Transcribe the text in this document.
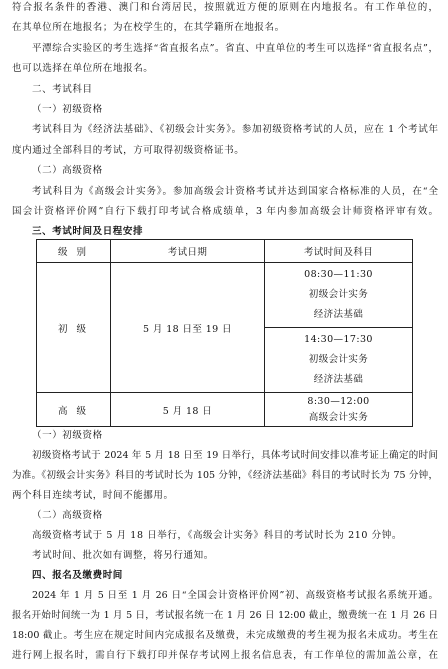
符合报名条件的香港、澳门和台湾居民，按照就近方便的原则在内地报名。有工作单位的，
在其单位所在地报名；为在校学生的，在其学籍所在地报名。
平潭综合实验区的考生选择“省直报名点”。省直、中直单位的考生可以选择“省直报名点”，
也可以选择在单位所在地报名。
二、考试科目
（一）初级资格
考试科目为《经济法基础》、《初级会计实务》。参加初级资格考试的人员，应在 1 个考试年
度内通过全部科目的考试，方可取得初级资格证书。
（二）高级资格
考试科目为《高级会计实务》。参加高级会计资格考试并达到国家合格标准的人员，在“全
国会计资格评价网”自行下载打印考试合格成绩单，3 年内参加高级会计师资格评审有效。
三、考试时间及日程安排
级 别	考试日期	考试时间及科目
初 级	5 月 18 日至 19 日	08:30—11:30
初级会计实务
经济法基础

		14:30—17:30
初级会计实务
经济法基础

高 级	5 月 18 日	8:30—12:00
高级会计实务
（一）初级资格
初级资格考试于 2024 年 5 月 18 日至 19 日举行，具体考试时间安排以准考证上确定的时间
为准。《初级会计实务》科目的考试时长为 105 分钟，《经济法基础》科目的考试时长为 75 分钟，
两个科目连续考试，时间不能挪用。
（二）高级资格
高级资格考试于 5 月 18 日举行，《高级会计实务》科目的考试时长为 210 分钟。
考试时间、批次如有调整，将另行通知。
四、报名及缴费时间
2024 年 1 月 5 日至 1 月 26 日“全国会计资格评价网”初、高级资格考试报名系统开通。
报名开始时间统一为 1 月 5 日，考试报名统一在 1 月 26 日 12:00 截止，缴费统一在 1 月 26 日
18:00 截止。考生应在规定时间内完成报名及缴费，未完成缴费的考生视为报名未成功。考生在
进行网上报名时，需自行下载打印并保存考试网上报名信息表，有工作单位的需加盖公章，在
